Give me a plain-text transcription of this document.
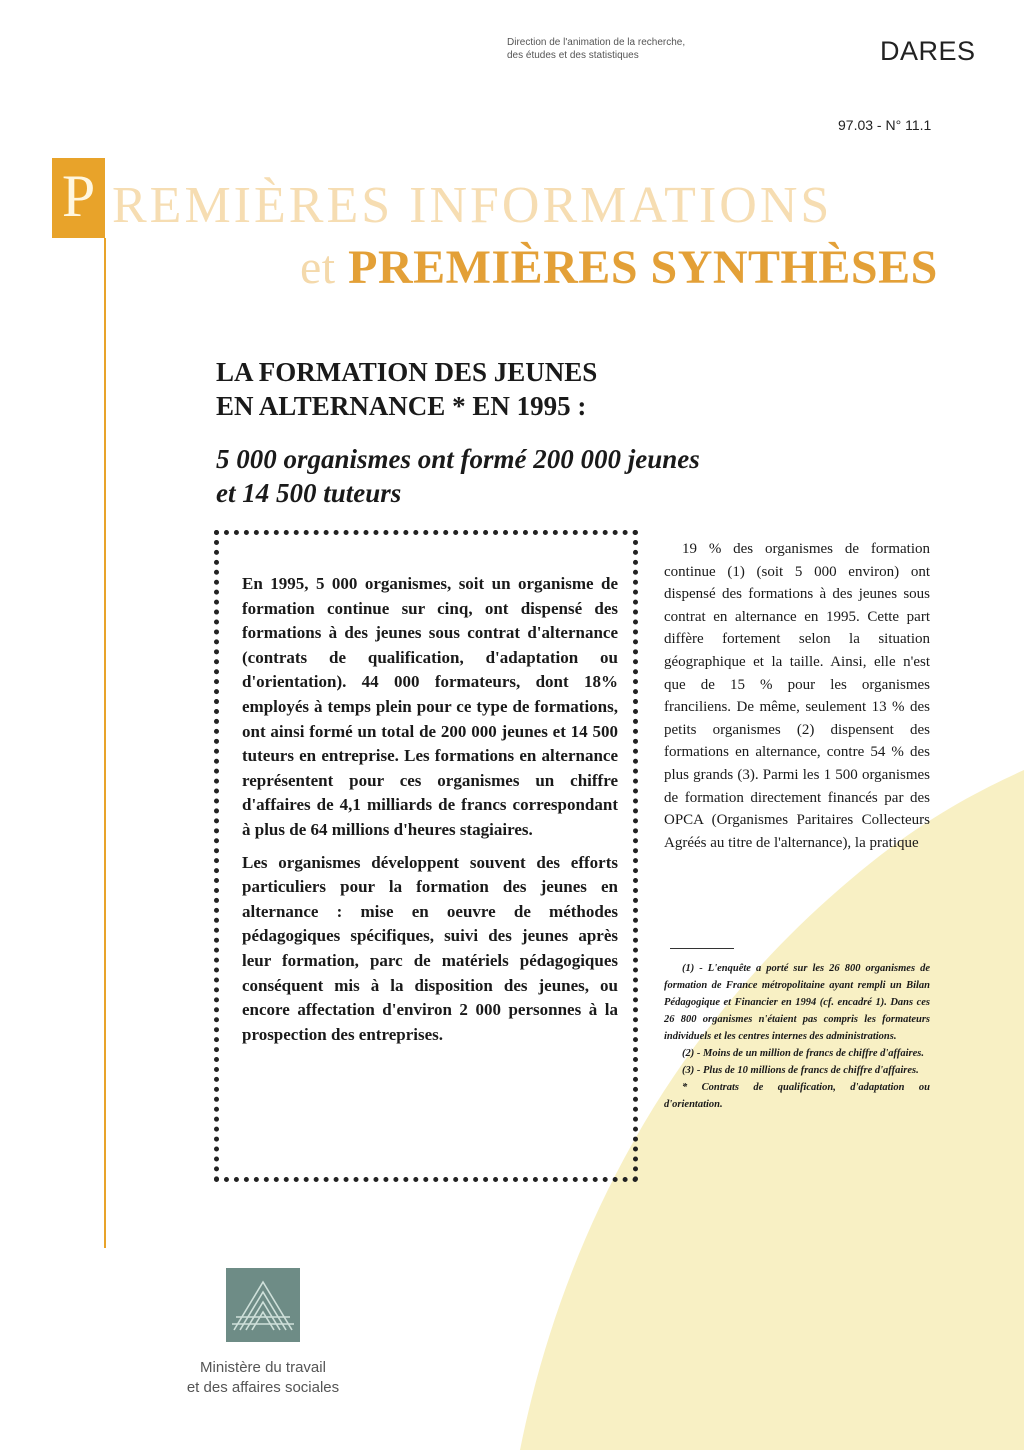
Direction de l'animation de la recherche,
des études et des statistiques	DARES
97.03 - N° 11.1
P REMIÈRES INFORMATIONS
et PREMIÈRES SYNTHÈSES
LA FORMATION DES JEUNES
EN ALTERNANCE * EN 1995 :
5 000 organismes ont formé 200 000 jeunes
et 14 500 tuteurs

En 1995, 5 000 organismes, soit un organisme de formation continue sur cinq, ont dispensé des formations à des jeunes sous contrat d'alternance (contrats de qualification, d'adaptation ou d'orientation). 44 000 formateurs, dont 18% employés à temps plein pour ce type de formations, ont ainsi formé un total de 200 000 jeunes et 14 500 tuteurs en entreprise. Les formations en alternance représentent pour ces organismes un chiffre d'affaires de 4,1 milliards de francs correspondant à plus de 64 millions d'heures stagiaires.

Les organismes développent souvent des efforts particuliers pour la formation des jeunes en alternance : mise en oeuvre de méthodes pédagogiques spécifiques, suivi des jeunes après leur formation, parc de matériels pédagogiques conséquent mis à la disposition des jeunes, ou encore affectation d'environ 2 000 personnes à la prospection des entreprises.

19 % des organismes de formation continue (1) (soit 5 000 environ) ont dispensé des formations à des jeunes sous contrat en alternance en 1995. Cette part diffère fortement selon la situation géographique et la taille. Ainsi, elle n'est que de 15 % pour les organismes franciliens. De même, seulement 13 % des petits organismes (2) dispensent des formations en alternance, contre 54 % des plus grands (3). Parmi les 1 500 organismes de formation directement financés par des OPCA (Organismes Paritaires Collecteurs Agréés au titre de l'alternance), la pratique

(1) - L'enquête a porté sur les 26 800 organismes de formation de France métropolitaine ayant rempli un Bilan Pédagogique et Financier en 1994 (cf. encadré 1). Dans ces 26 800 organismes n'étaient pas compris les formateurs individuels et les centres internes des administrations.

(2) - Moins de un million de francs de chiffre d'affaires.

(3) - Plus de 10 millions de francs de chiffre d'affaires.

* Contrats de qualification, d'adaptation ou d'orientation.

Ministère du travail
et des affaires sociales
